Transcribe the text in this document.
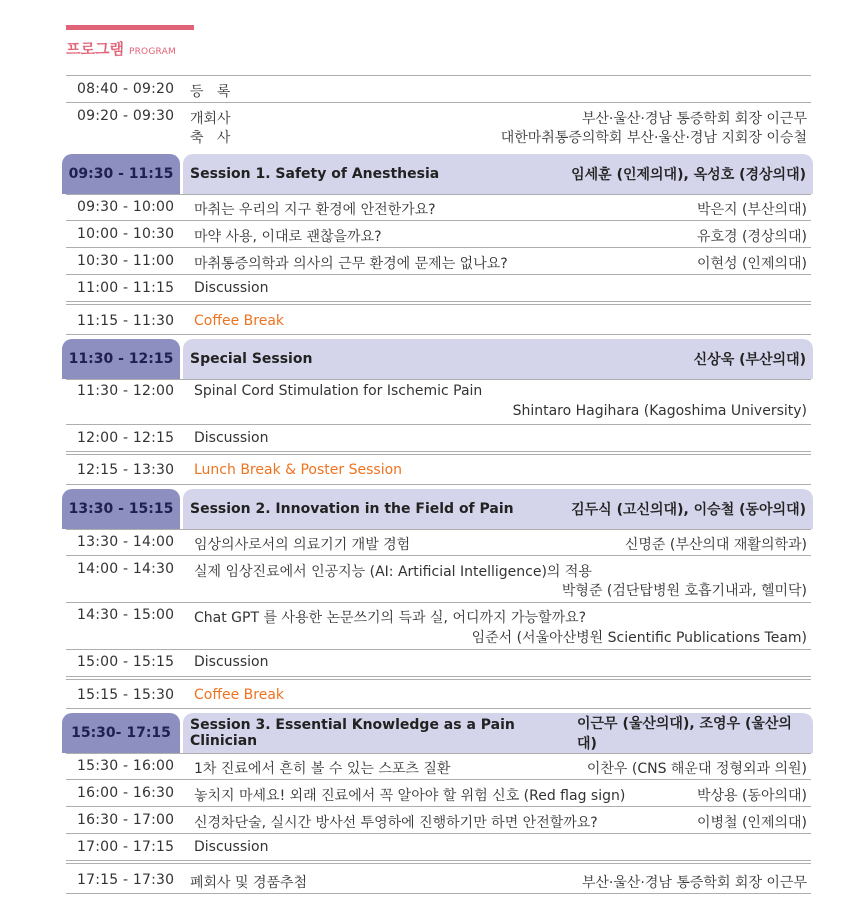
프로그램 PROGRAM
08:40 - 09:20 등   록
09:20 - 09:30 개회사	부산·울산·경남 통증학회 회장 이근무
축   사	대한마취통증의학회 부산·울산·경남 지회장 이승철
09:30 - 11:15	Session 1. Safety of Anesthesia	임세훈 (인제의대), 옥성호 (경상의대)
09:30 - 10:00 마취는 우리의 지구 환경에 안전한가요?	박은지 (부산의대)
10:00 - 10:30 마약 사용, 이대로 괜찮을까요?	유호경 (경상의대)
10:30 - 11:00 마취통증의학과 의사의 근무 환경에 문제는 없나요?	이현성 (인제의대)
11:00 - 11:15 Discussion
11:15 - 11:30 Coffee Break
11:30 - 12:15	Special Session	신상욱 (부산의대)
11:30 - 12:00 Spinal Cord Stimulation for Ischemic Pain
Shintaro Hagihara (Kagoshima University)
12:00 - 12:15 Discussion
12:15 - 13:30 Lunch Break & Poster Session
13:30 - 15:15	Session 2. Innovation in the Field of Pain	김두식 (고신의대), 이승철 (동아의대)
13:30 - 14:00 임상의사로서의 의료기기 개발 경험	신명준 (부산의대 재활의학과)
14:00 - 14:30 실제 임상진료에서 인공지능 (AI: Artificial Intelligence)의 적용
박형준 (검단탑병원 호흡기내과, 헬미닥)
14:30 - 15:00 Chat GPT 를 사용한 논문쓰기의 득과 실, 어디까지 가능할까요?
임준서 (서울아산병원 Scientific Publications Team)
15:00 - 15:15 Discussion
15:15 - 15:30 Coffee Break
15:30- 17:15	Session 3. Essential Knowledge as a Pain Clinician
이근무 (울산의대), 조영우 (울산의대)
15:30 - 16:00 1차 진료에서 흔히 볼 수 있는 스포츠 질환	이찬우 (CNS 해운대 정형외과 의원)
16:00 - 16:30 놓치지 마세요! 외래 진료에서 꼭 알아야 할 위험 신호 (Red flag sign)	박상용 (동아의대)
16:30 - 17:00 신경차단술, 실시간 방사선 투영하에 진행하기만 하면 안전할까요?	이병철 (인제의대)
17:00 - 17:15 Discussion
17:15 - 17:30 폐회사 및 경품추첨	부산·울산·경남 통증학회 회장 이근무
